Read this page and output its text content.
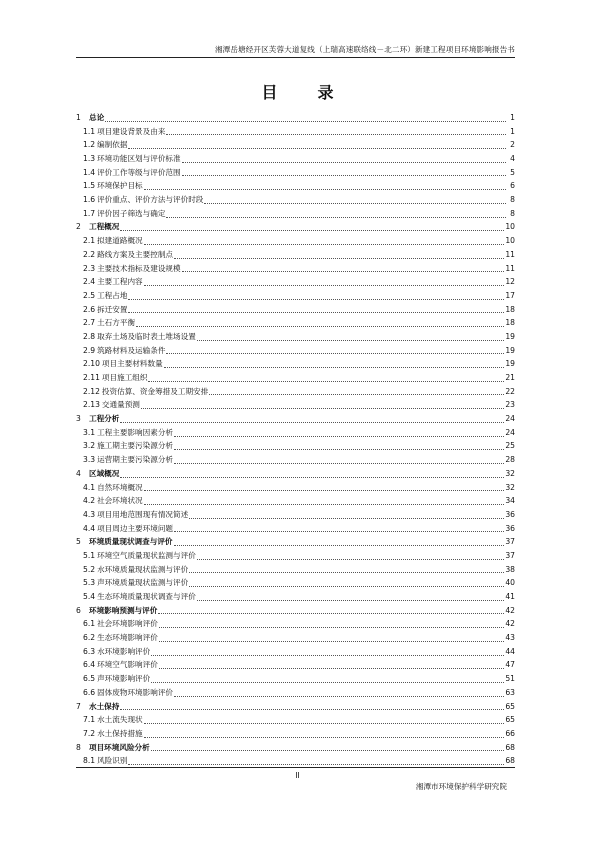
湘潭岳塘经开区芙蓉大道复线（上瑞高速联络线－北二环）新建工程项目环境影响报告书
目　录
1	总论	1
1.1 项目建设背景及由来	1
1.2 编制依据	2
1.3 环境功能区划与评价标准	4
1.4 评价工作等级与评价范围	5
1.5 环境保护目标	6
1.6 评价重点、评价方法与评价时段	8
1.7 评价因子筛选与确定	8
2	工程概况	10
2.1 拟建道路概况	10
2.2 路线方案及主要控制点	11
2.3 主要技术指标及建设规模	11
2.4 主要工程内容	12
2.5 工程占地	17
2.6 拆迁安置	18
2.7 土石方平衡	18
2.8 取弃土场及临时表土堆场设置	19
2.9 筑路材料及运输条件	19
2.10 项目主要材料数量	19
2.11 项目施工组织	21
2.12 投资估算、资金筹措及工期安排	22
2.13 交通量预测	23
3	工程分析	24
3.1 工程主要影响因素分析	24
3.2 施工期主要污染源分析	25
3.3 运营期主要污染源分析	28
4	区域概况	32
4.1 自然环境概况	32
4.2 社会环境状况	34
4.3 项目用地范围现有情况简述	36
4.4 项目周边主要环境问题	36
5	环境质量现状调查与评价	37
5.1 环境空气质量现状监测与评价	37
5.2 水环境质量现状监测与评价	38
5.3 声环境质量现状监测与评价	40
5.4 生态环境质量现状调查与评价	41
6	环境影响预测与评价	42
6.1 社会环境影响评价	42
6.2 生态环境影响评价	43
6.3 水环境影响评价	44
6.4 环境空气影响评价	47
6.5 声环境影响评价	51
6.6 固体废物环境影响评价	63
7	水土保持	65
7.1 水土流失现状	65
7.2 水土保持措施	66
8	项目环境风险分析	68
8.1 风险识别	68
II
湘潭市环境保护科学研究院
